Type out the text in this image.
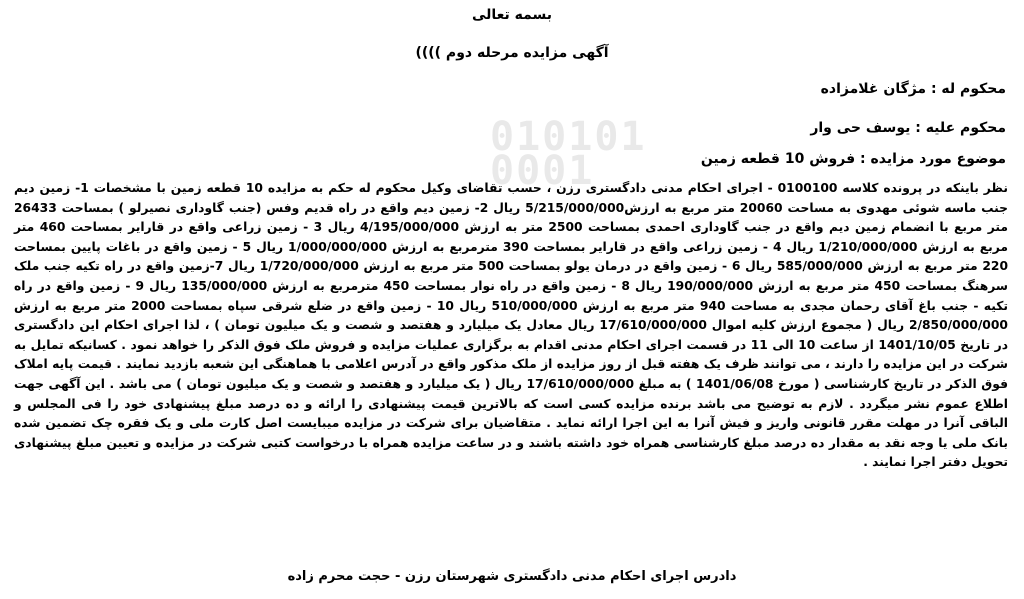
010101
0001
بسمه تعالی
آگهی مزایده مرحله دوم ))))
محکوم له : مژگان غلامزاده
محکوم علیه : یوسف حی وار
موضوع مورد مزایده : فروش 10 قطعه زمین
نظر باینکه در پرونده کلاسه 0100100 - اجرای احکام مدنی دادگستری رزن ، حسب تقاضای وکیل محکوم له حکم به مزایده 10 قطعه زمین با مشخصات 1- زمین دیم جنب ماسه شوئی مهدوی به مساحت 20060 متر مربع به ارزش5/215/000/000 ریال 2- زمین دیم واقع در راه قدیم وفس (جنب گاوداری نصیرلو ) بمساحت 26433 متر مربع با انضمام زمین دیم واقع در جنب گاوداری احمدی بمساحت 2500 متر به ارزش 4/195/000/000 ریال 3 - زمین زراعی واقع در قارایر بمساحت 460 متر مربع به ارزش 1/210/000/000 ریال 4 - زمین زراعی واقع در قارایر بمساحت 390 مترمربع به ارزش 1/000/000/000 ریال 5 - زمین واقع در باغات پایین بمساحت 220 متر مربع به ارزش 585/000/000 ریال 6 - زمین واقع در درمان یولو بمساحت 500 متر مربع به ارزش 1/720/000/000 ریال 7-زمین واقع در راه تکیه جنب ملک سرهنگ بمساحت 450 متر مربع به ارزش 190/000/000 ریال 8 - زمین واقع در راه نوار بمساحت 450 مترمربع به ارزش 135/000/000 ریال 9 - زمین واقع در راه تکیه - جنب باغ آقای رحمان مجدی به مساحت 940 متر مربع به ارزش 510/000/000 ریال 10 - زمین واقع در ضلع شرقی سپاه بمساحت 2000 متر مربع به ارزش 2/850/000/000 ریال ( مجموع ارزش کلیه اموال 17/610/000/000 ریال معادل یک میلیارد و هفتصد و شصت و یک میلیون تومان ) ، لذا اجرای احکام این دادگستری در تاریخ 1401/10/05 از ساعت 10 الی 11 در قسمت اجرای احکام مدنی اقدام به برگزاری عملیات مزایده و فروش ملک فوق الذکر را خواهد نمود . کسانیکه تمایل به شرکت در این مزایده را دارند ، می توانند ظرف یک هفته قبل از روز مزایده از ملک مذکور واقع در آدرس اعلامی با هماهنگی این شعبه بازدید نمایند . قیمت پایه املاک فوق الذکر در تاریخ کارشناسی ( مورخ 1401/06/08 ) به مبلغ 17/610/000/000 ریال ( یک میلیارد و هفتصد و شصت و یک میلیون تومان ) می باشد . این آگهی جهت اطلاع عموم نشر میگردد . لازم به توضیح می باشد برنده مزایده کسی است که بالاترین قیمت پیشنهادی را ارائه و ده درصد مبلغ پیشنهادی خود را فی المجلس و الباقی آنرا در مهلت مقرر قانونی واریز و فیش آنرا به این اجرا ارائه نماید . متقاضیان برای شرکت در مزایده میبایست اصل کارت ملی و یک فقره چک تضمین شده بانک ملی یا وجه نقد به مقدار ده درصد مبلغ کارشناسی همراه خود داشته باشند و در ساعت مزایده همراه با درخواست کتبی شرکت در مزایده و تعیین مبلغ پیشنهادی تحویل دفتر اجرا نمایند .
دادرس اجرای احکام مدنی دادگستری شهرستان رزن - حجت محرم زاده
